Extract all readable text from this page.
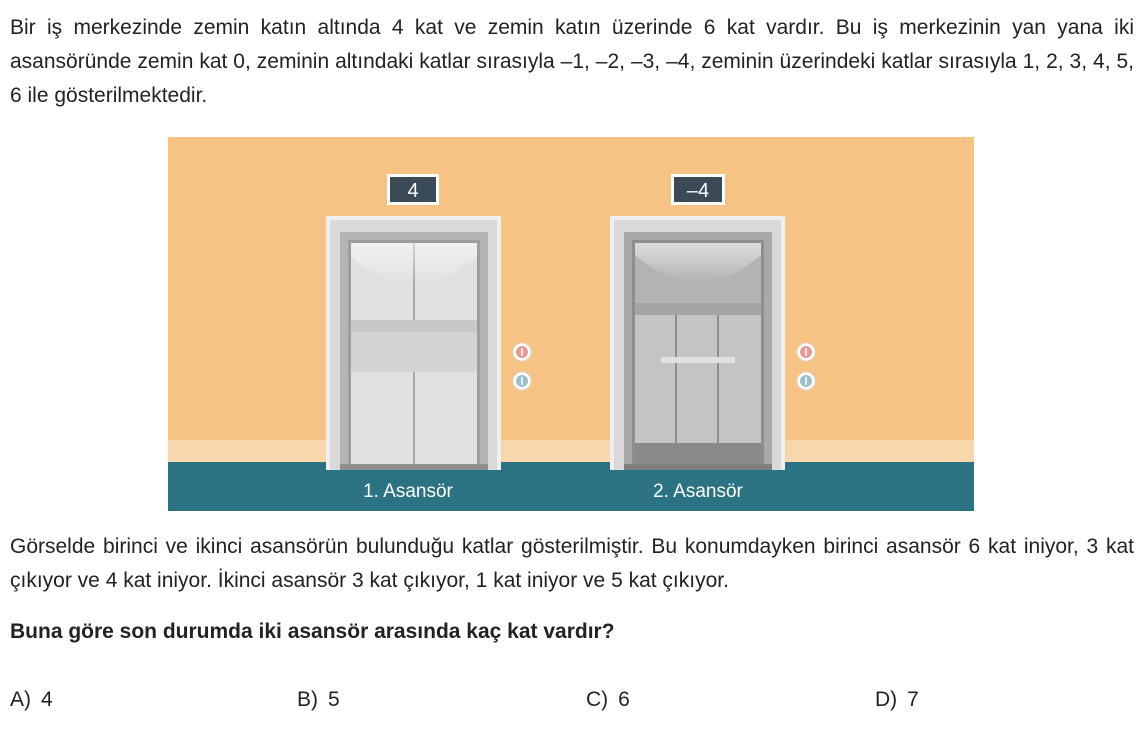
Bir iş merkezinde zemin katın altında 4 kat ve zemin katın üzerinde 6 kat vardır. Bu iş merkezinin yan yana iki asansöründe zemin kat 0, zeminin altındaki katlar sırasıyla –1, –2, –3, –4, zeminin üzerindeki katlar sırasıyla 1, 2, 3, 4, 5, 6 ile gösterilmektedir.

4
1. Asansör
–4
2. Asansör

Görselde birinci ve ikinci asansörün bulunduğu katlar gösterilmiştir. Bu konumdayken birinci asansör 6 kat iniyor, 3 kat çıkıyor ve 4 kat iniyor. İkinci asansör 3 kat çıkıyor, 1 kat iniyor ve 5 kat çıkıyor.

Buna göre son durumda iki asansör arasında kaç kat vardır?

A) 4	B) 5	C) 6	D) 7
